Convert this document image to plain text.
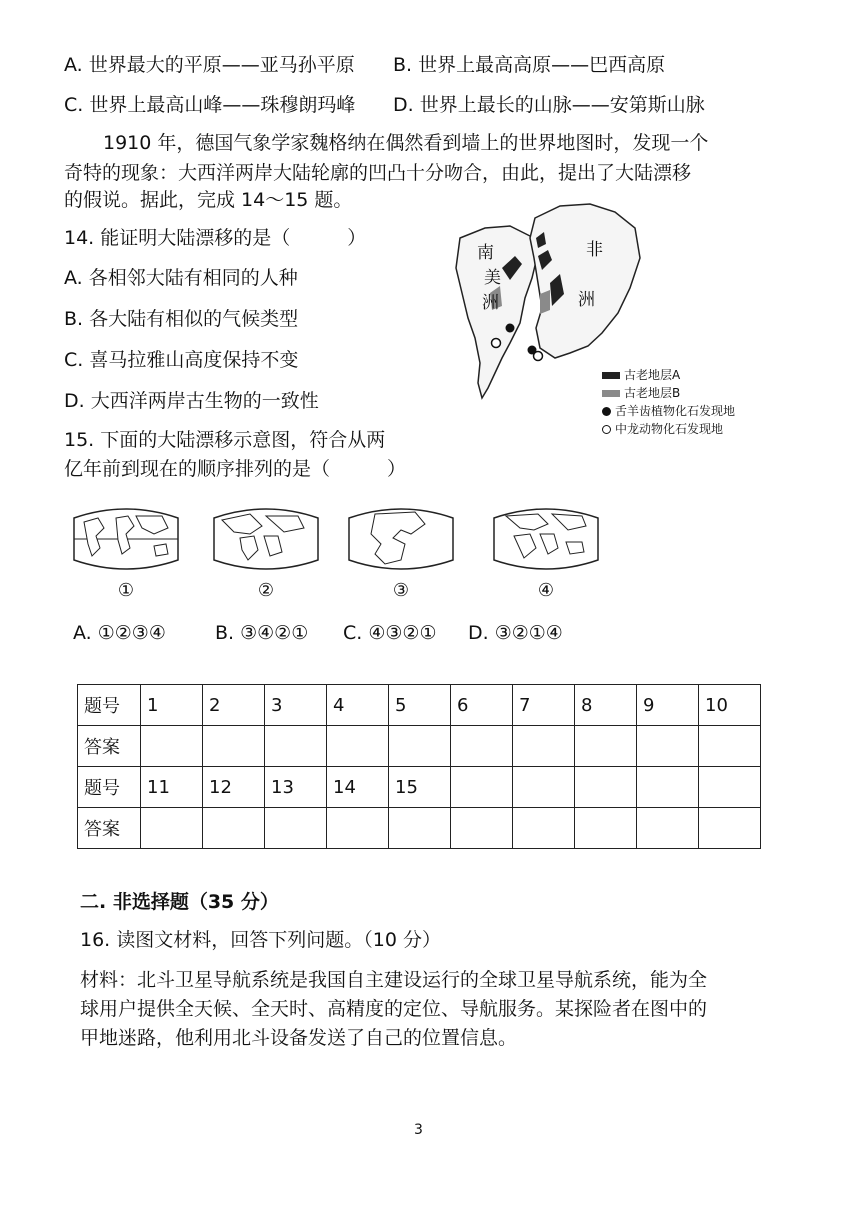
A. 世界最大的平原——亚马孙平原 B. 世界上最高高原——巴西高原
C. 世界上最高山峰——珠穆朗玛峰 D. 世界上最长的山脉——安第斯山脉
1910 年，德国气象学家魏格纳在偶然看到墙上的世界地图时，发现一个
奇特的现象：大西洋两岸大陆轮廓的凹凸十分吻合，由此，提出了大陆漂移
的假说。据此，完成 14～15 题。
14. 能证明大陆漂移的是（　　　）
A. 各相邻大陆有相同的人种
B. 各大陆有相似的气候类型
C. 喜马拉雅山高度保持不变
D. 大西洋两岸古生物的一致性
南
美
洲
非
洲
古老地层A
古老地层B
舌羊齿植物化石发现地
中龙动物化石发现地
15. 下面的大陆漂移示意图，符合从两
亿年前到现在的顺序排列的是（　　　）
①	②	③	④
A. ①②③④	B. ③④②① C. ④③②① D. ③②①④
题号	1	2	3	4	5	6	7	8	9	10
答案										
题号	11	12	13	14	15					
答案										
二. 非选择题（35 分）
16. 读图文材料，回答下列问题。（10 分）
材料：北斗卫星导航系统是我国自主建设运行的全球卫星导航系统，能为全
球用户提供全天候、全天时、高精度的定位、导航服务。某探险者在图中的
甲地迷路，他利用北斗设备发送了自己的位置信息。
3
